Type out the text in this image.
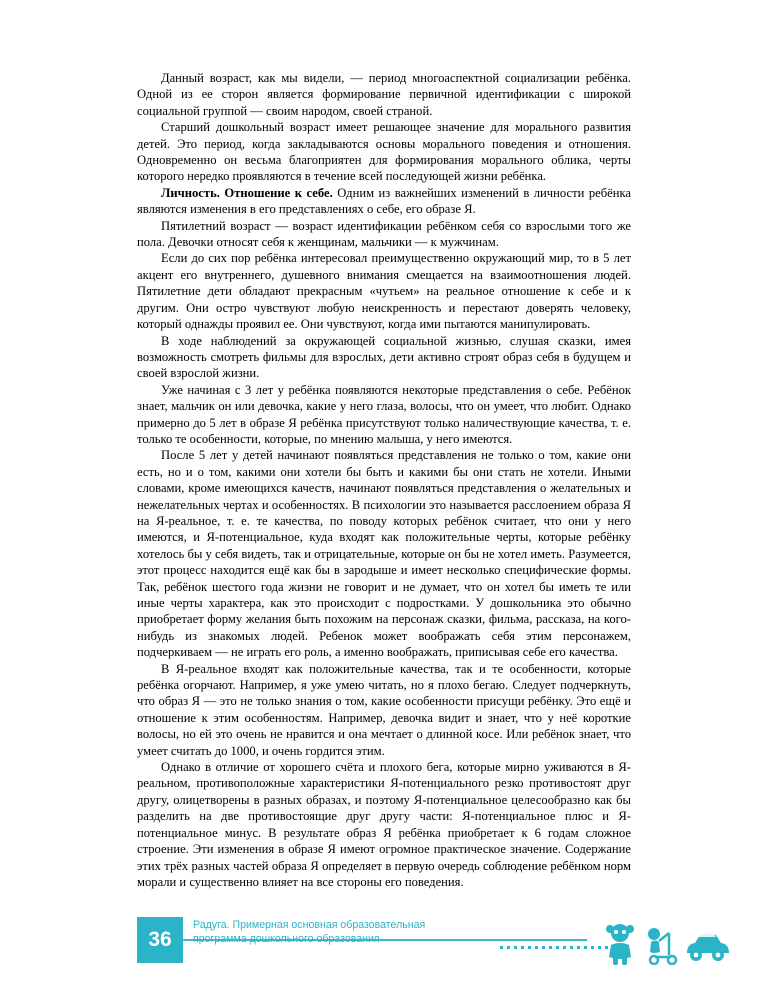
Данный возраст, как мы видели, — период многоаспектной социализации ребёнка. Одной из ее сторон является формирование первичной идентификации с широкой социальной группой — своим народом, своей страной.

Старший дошкольный возраст имеет решающее значение для морального развития детей. Это период, когда закладываются основы морального поведения и отношения. Одновременно он весьма благоприятен для формирования морального облика, черты которого нередко проявляются в течение всей последующей жизни ребёнка.

Личность. Отношение к себе. Одним из важнейших изменений в личности ребёнка являются изменения в его представлениях о себе, его образе Я.

Пятилетний возраст — возраст идентификации ребёнком себя со взрослыми того же пола. Девочки относят себя к женщинам, мальчики — к мужчинам.

Если до сих пор ребёнка интересовал преимущественно окружающий мир, то в 5 лет акцент его внутреннего, душевного внимания смещается на взаимоотношения людей. Пятилетние дети обладают прекрасным «чутьем» на реальное отношение к себе и к другим. Они остро чувствуют любую неискренность и перестают доверять человеку, который однажды проявил ее. Они чувствуют, когда ими пытаются манипулировать.

В ходе наблюдений за окружающей социальной жизнью, слушая сказки, имея возможность смотреть фильмы для взрослых, дети активно строят образ себя в будущем и своей взрослой жизни.

Уже начиная с 3 лет у ребёнка появляются некоторые представления о себе. Ребёнок знает, мальчик он или девочка, какие у него глаза, волосы, что он умеет, что любит. Однако примерно до 5 лет в образе Я ребёнка присутствуют только наличествующие качества, т. е. только те особенности, которые, по мнению малыша, у него имеются.

После 5 лет у детей начинают появляться представления не только о том, какие они есть, но и о том, какими они хотели бы быть и какими бы они стать не хотели. Иными словами, кроме имеющихся качеств, начинают появляться представления о желательных и нежелательных чертах и особенностях. В психологии это называется расслоением образа Я на Я-реальное, т. е. те качества, по поводу которых ребёнок считает, что они у него имеются, и Я-потенциальное, куда входят как положительные черты, которые ребёнку хотелось бы у себя видеть, так и отрицательные, которые он бы не хотел иметь. Разумеется, этот процесс находится ещё как бы в зародыше и имеет несколько специфические формы. Так, ребёнок шестого года жизни не говорит и не думает, что он хотел бы иметь те или иные черты характера, как это происходит с подростками. У дошкольника это обычно приобретает форму желания быть похожим на персонаж сказки, фильма, рассказа, на кого-нибудь из знакомых людей. Ребенок может воображать себя этим персонажем, подчеркиваем — не играть его роль, а именно воображать, приписывая себе его качества.

В Я-реальное входят как положительные качества, так и те особенности, которые ребёнка огорчают. Например, я уже умею читать, но я плохо бегаю. Следует подчеркнуть, что образ Я — это не только знания о том, какие особенности присущи ребёнку. Это ещё и отношение к этим особенностям. Например, девочка видит и знает, что у неё короткие волосы, но ей это очень не нравится и она мечтает о длинной косе. Или ребёнок знает, что умеет считать до 1000, и очень гордится этим.

Однако в отличие от хорошего счёта и плохого бега, которые мирно уживаются в Я-реальном, противоположные характеристики Я-потенциального резко противостоят друг другу, олицетворены в разных образах, и поэтому Я-потенциальное целесообразно как бы разделить на две противостоящие друг другу части: Я-потенциальное плюс и Я-потенциальное минус. В результате образ Я ребёнка приобретает к 6 годам сложное строение. Эти изменения в образе Я имеют огромное практическое значение. Содержание этих трёх разных частей образа Я определяет в первую очередь соблюдение ребёнком норм морали и существенно влияет на все стороны его поведения.

36
Радуга. Примерная основная образовательная
программа дошкольного образования
